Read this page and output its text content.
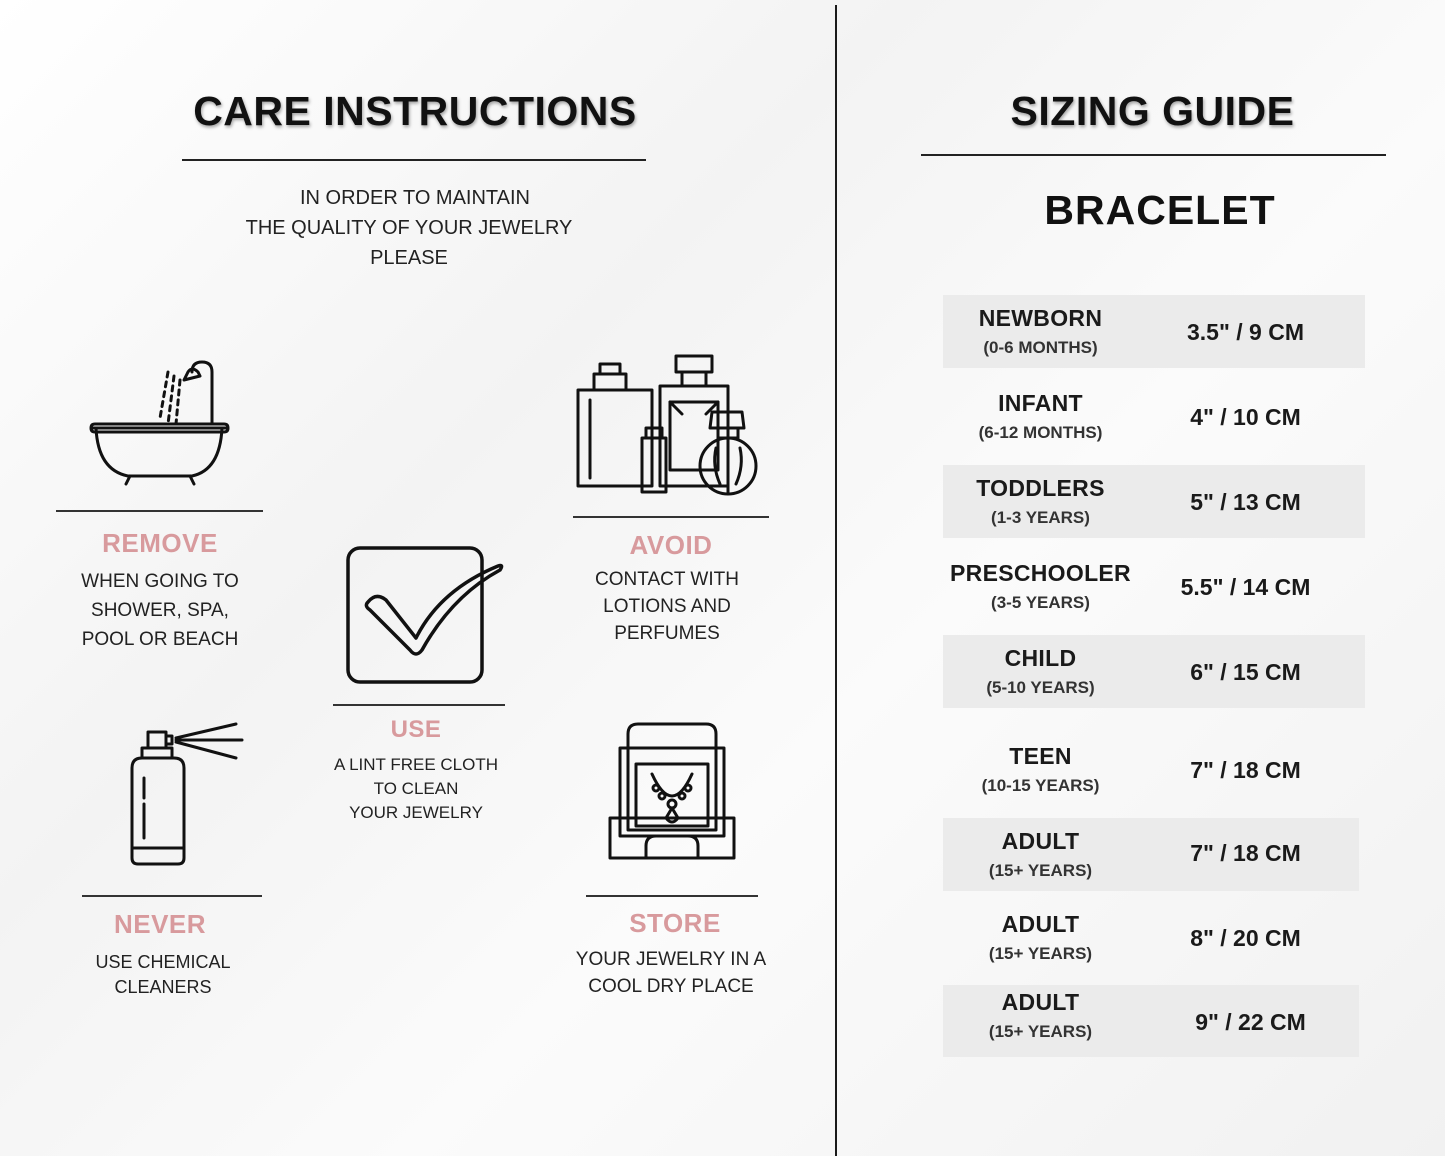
CARE INSTRUCTIONS
IN ORDER TO MAINTAIN
THE QUALITY OF YOUR JEWELRY
PLEASE
REMOVE
WHEN GOING TO
SHOWER, SPA,
POOL OR BEACH
USE
A LINT FREE CLOTH
TO CLEAN
YOUR JEWELRY
AVOID
CONTACT WITH
LOTIONS AND
PERFUMES
NEVER
USE CHEMICAL
CLEANERS
STORE
YOUR JEWELRY IN A
COOL DRY PLACE
SIZING GUIDE
BRACELET
NEWBORN
(0-6 MONTHS)
3.5" / 9 CM
INFANT
(6-12 MONTHS)
4" / 10 CM
TODDLERS
(1-3 YEARS)
5" / 13 CM
PRESCHOOLER
(3-5 YEARS)
5.5" / 14 CM
CHILD
(5-10 YEARS)
6" / 15 CM
TEEN
(10-15 YEARS)
7" / 18 CM
ADULT
(15+ YEARS)
7" / 18 CM
ADULT
(15+ YEARS)
8" / 20 CM
ADULT
(15+ YEARS)	9" / 22 CM
